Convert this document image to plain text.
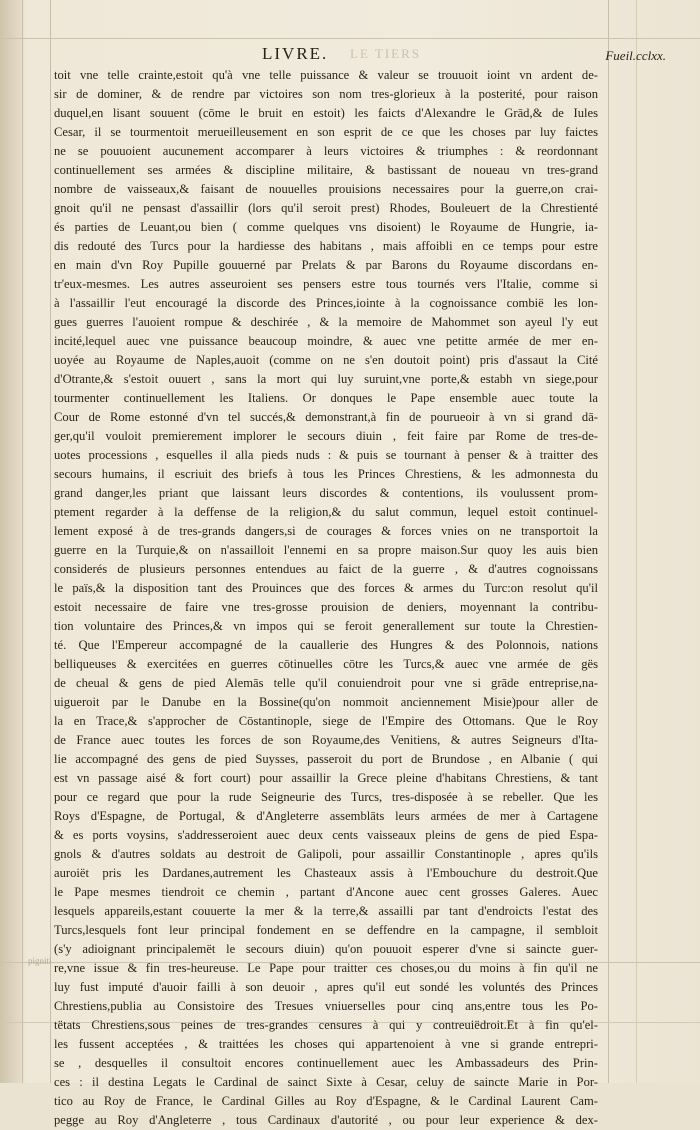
LE TIERS
LIVRE.	Fueil.cclxx.
toit vne telle crainte,estoit qu'à vne telle puissance & valeur se trouuoit ioint vn ardent de-
sir de dominer, & de rendre par victoires son nom tres-glorieux à la posterité, pour raison
duquel,en lisant souuent (cōme le bruit en estoit) les faicts d'Alexandre le Grād,& de Iules
Cesar, il se tourmentoit merueilleusement en son esprit de ce que les choses par luy faictes
ne se pouuoient aucunement accomparer à leurs victoires & triumphes : & reordonnant
continuellement ses armées & discipline militaire, & bastissant de noueau vn tres-grand
nombre de vaisseaux,& faisant de nouuelles prouisions necessaires pour la guerre,on crai-
gnoit qu'il ne pensast d'assaillir (lors qu'il seroit prest) Rhodes, Bouleuert de la Chrestienté
és parties de Leuant,ou bien ( comme quelques vns disoient) le Royaume de Hungrie, ia-
dis redouté des Turcs pour la hardiesse des habitans , mais affoibli en ce temps pour estre
en main d'vn Roy Pupille gouuerné par Prelats & par Barons du Royaume discordans en-
tr'eux-mesmes. Les autres asseuroient ses pensers estre tous tournés vers l'Italie, comme si
à l'assaillir l'eut encouragé la discorde des Princes,iointe à la cognoissance combië les lon-
gues guerres l'auoient rompue & deschirée , & la memoire de Mahommet son ayeul l'y eut
incité,lequel auec vne puissance beaucoup moindre, & auec vne petitte armée de mer en-
uoyée au Royaume de Naples,auoit (comme on ne s'en doutoit point) pris d'assaut la Cité
d'Otrante,& s'estoit ouuert , sans la mort qui luy suruint,vne porte,& estabh vn siege,pour
tourmenter continuellement les Italiens. Or donques le Pape ensemble auec toute la
Cour de Rome estonné d'vn tel succés,& demonstrant,à fin de pourueoir à vn si grand dā-
ger,qu'il vouloit premierement implorer le secours diuin , feit faire par Rome de tres-de-
uotes processions , esquelles il alla pieds nuds : & puis se tournant à penser & à traitter des
secours humains, il escriuit des briefs à tous les Princes Chrestiens, & les admonnesta du
grand danger,les priant que laissant leurs discordes & contentions, ils voulussent prom-
ptement regarder à la deffense de la religion,& du salut commun, lequel estoit continuel-
lement exposé à de tres-grands dangers,si de courages & forces vnies on ne transportoit la
guerre en la Turquie,& on n'assailloit l'ennemi en sa propre maison.Sur quoy les auis bien
considerés de plusieurs personnes entendues au faict de la guerre , & d'autres cognoissans
le païs,& la disposition tant des Prouinces que des forces & armes du Turc:on resolut qu'il
estoit necessaire de faire vne tres-grosse prouision de deniers, moyennant la contribu-
tion voluntaire des Princes,& vn impos qui se feroit generallement sur toute la Chrestien-
té. Que l'Empereur accompagné de la cauallerie des Hungres & des Polonnois, nations
belliqueuses & exercitées en guerres cōtinuelles cōtre les Turcs,& auec vne armée de gës
de cheual & gens de pied Alemās telle qu'il conuiendroit pour vne si grāde entreprise,na-
uigueroit par le Danube en la Bossine(qu'on nommoit anciennement Misie)pour aller de
la en Trace,& s'approcher de Cōstantinople, siege de l'Empire des Ottomans. Que le Roy
de France auec toutes les forces de son Royaume,des Venitiens, & autres Seigneurs d'Ita-
lie accompagné des gens de pied Suysses, passeroit du port de Brundose , en Albanie ( qui
est vn passage aisé & fort court) pour assaillir la Grece pleine d'habitans Chrestiens, & tant
pour ce regard que pour la rude Seigneurie des Turcs, tres-disposée à se rebeller. Que les
Roys d'Espagne, de Portugal, & d'Angleterre assemblāts leurs armées de mer à Cartagene
& es ports voysins, s'addresseroient auec deux cents vaisseaux pleins de gens de pied Espa-
gnols & d'autres soldats au destroit de Galipoli, pour assaillir Constantinople , apres qu'ils
auroiët pris les Dardanes,autrement les Chasteaux assis à l'Embouchure du destroit.Que
le Pape mesmes tiendroit ce chemin , partant d'Ancone auec cent grosses Galeres. Auec
lesquels appareils,estant couuerte la mer & la terre,& assailli par tant d'endroicts l'estat des
Turcs,lesquels font leur principal fondement en se deffendre en la campagne, il sembloit
(s'y adioignant principalemët le secours diuin) qu'on pouuoit esperer d'vne si saincte guer-
re,vne issue & fin tres-heureuse. Le Pape pour traitter ces choses,ou du moins à fin qu'il ne
luy fust imputé d'auoir failli à son deuoir , apres qu'il eut sondé les voluntés des Princes
Chrestiens,publia au Consistoire des Tresues vniuerselles pour cinq ans,entre tous les Po-
tëtats Chrestiens,sous peines de tres-grandes censures à qui y contreuiëdroit.Et à fin qu'el-
les fussent acceptées , & traittées les choses qui appartenoient à vne si grande entrepri-
se , desquelles il consultoit encores continuellement auec les Ambassadeurs des Prin-
ces : il destina Legats le Cardinal de sainct Sixte à Cesar, celuy de saincte Marie in Por-
tico au Roy de France, le Cardinal Gilles au Roy d'Espagne, & le Cardinal Laurent Cam-
pegge au Roy d'Angleterre , tous Cardinaux d'autorité , ou pour leur experience & dex-
pigniti
